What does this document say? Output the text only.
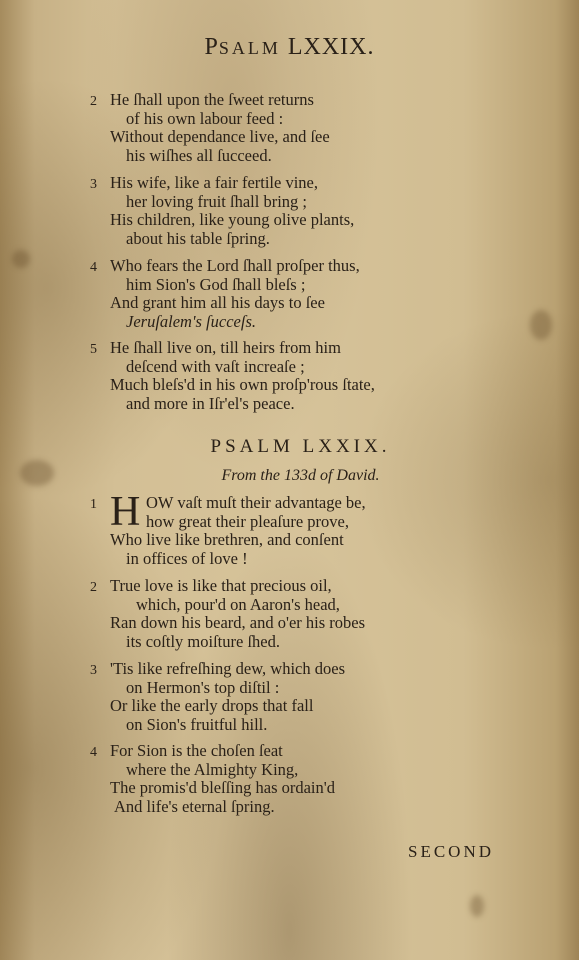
PSALM LXXIX.
2 He ſhall upon the ſweet returns
of his own labour feed :
Without dependance live, and ſee
his wiſhes all ſucceed.
3 His wife, like a fair fertile vine,
her loving fruit ſhall bring ;
His children, like young olive plants,
about his table ſpring.
4 Who fears the Lord ſhall proſper thus,
him Sion's God ſhall bleſs ;
And grant him all his days to ſee
Jeruſalem's ſucceſs.
5 He ſhall live on, till heirs from him
deſcend with vaſt increaſe ;
Much bleſs'd in his own proſp'rous ſtate,
and more in Iſr'el's peace.
PSALM LXXIX.
From the 133d of David.
H
1	OW vaſt muſt their advantage be,
how great their pleaſure prove,
Who live like brethren, and conſent
in offices of love !
2 True love is like that precious oil,
which, pour'd on Aaron's head,
Ran down his beard, and o'er his robes
its coſtly moiſture ſhed.
3 'Tis like refreſhing dew, which does
on Hermon's top diſtil :
Or like the early drops that fall
on Sion's fruitful hill.
4 For Sion is the choſen ſeat
where the Almighty King,
The promis'd bleſſing has ordain'd
And life's eternal ſpring.
SECOND
